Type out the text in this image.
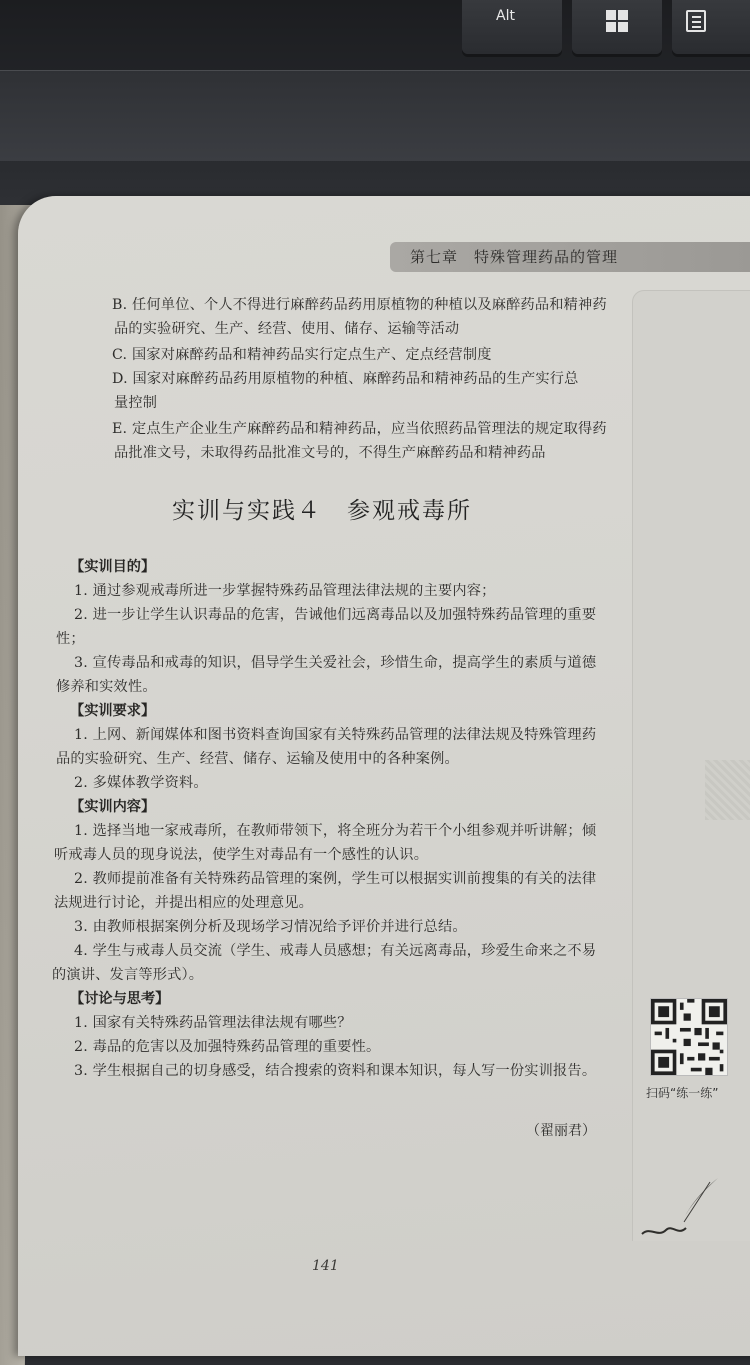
Alt
第七章　特殊管理药品的管理
B. 任何单位、个人不得进行麻醉药品药用原植物的种植以及麻醉药品和精神药
品的实验研究、生产、经营、使用、储存、运输等活动
C. 国家对麻醉药品和精神药品实行定点生产、定点经营制度
D. 国家对麻醉药品药用原植物的种植、麻醉药品和精神药品的生产实行总
量控制
E. 定点生产企业生产麻醉药品和精神药品，应当依照药品管理法的规定取得药
品批准文号，未取得药品批准文号的，不得生产麻醉药品和精神药品
实训与实践４　参观戒毒所
【实训目的】
1. 通过参观戒毒所进一步掌握特殊药品管理法律法规的主要内容；
2. 进一步让学生认识毒品的危害，告诫他们远离毒品以及加强特殊药品管理的重要
性；
3. 宣传毒品和戒毒的知识，倡导学生关爱社会，珍惜生命，提高学生的素质与道德
修养和实效性。
【实训要求】
1. 上网、新闻媒体和图书资料查询国家有关特殊药品管理的法律法规及特殊管理药
品的实验研究、生产、经营、储存、运输及使用中的各种案例。
2. 多媒体教学资料。
【实训内容】
1. 选择当地一家戒毒所，在教师带领下，将全班分为若干个小组参观并听讲解；倾
听戒毒人员的现身说法，使学生对毒品有一个感性的认识。
2. 教师提前准备有关特殊药品管理的案例，学生可以根据实训前搜集的有关的法律
法规进行讨论，并提出相应的处理意见。
3. 由教师根据案例分析及现场学习情况给予评价并进行总结。
4. 学生与戒毒人员交流（学生、戒毒人员感想；有关远离毒品，珍爱生命来之不易
的演讲、发言等形式）。
【讨论与思考】
1. 国家有关特殊药品管理法律法规有哪些？
2. 毒品的危害以及加强特殊药品管理的重要性。
3. 学生根据自己的切身感受，结合搜索的资料和课本知识，每人写一份实训报告。
（翟丽君）
扫码“练一练”
141
